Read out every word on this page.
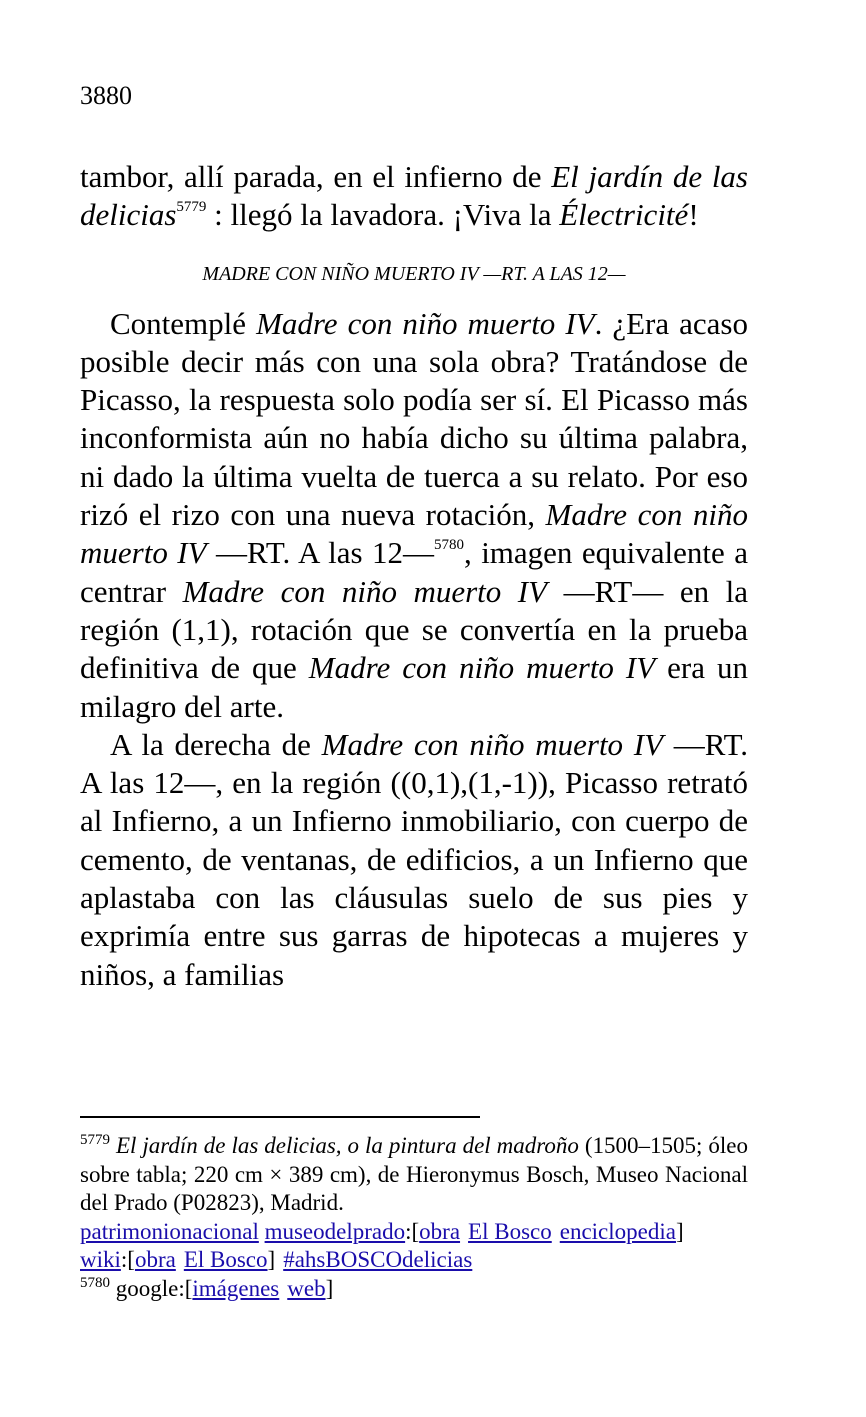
3880

tambor, allí parada, en el infierno de El jardín de las delicias$^{5779}$ : llegó la lavadora. ¡Viva la Électricité!

MADRE CON NIÑO MUERTO IV —RT. A LAS 12—

Contemplé Madre con niño muerto IV. ¿Era acaso posible decir más con una sola obra? Tratándose de Picasso, la respuesta solo podía ser sí. El Picasso más inconformista aún no había dicho su última palabra, ni dado la última vuelta de tuerca a su relato. Por eso rizó el rizo con una nueva rotación, Madre con niño muerto IV —RT. A las 12—$^{5780}$, imagen equivalente a centrar Madre con niño muerto IV —RT— en la región (1,1), rotación que se convertía en la prueba definitiva de que Madre con niño muerto IV era un milagro del arte.

A la derecha de Madre con niño muerto IV —RT. A las 12—, en la región ((0,1),(1,-1)), Picasso retrató al Infierno, a un Infierno inmobiliario, con cuerpo de cemento, de ventanas, de edificios, a un Infierno que aplastaba con las cláusulas suelo de sus pies y exprimía entre sus garras de hipotecas a mujeres y niños, a familias

$^{5779}$ El jardín de las delicias, o la pintura del madroño (1500–1505; óleo sobre tabla; 220 cm × 389 cm), de Hieronymus Bosch, Museo Nacional del Prado (P02823), Madrid.

patrimonionacional museodelprado:[obra El Bosco enciclopedia]
wiki:[obra El Bosco] #ahsBOSCOdelicias

$^{5780}$ google:[imágenes web]
